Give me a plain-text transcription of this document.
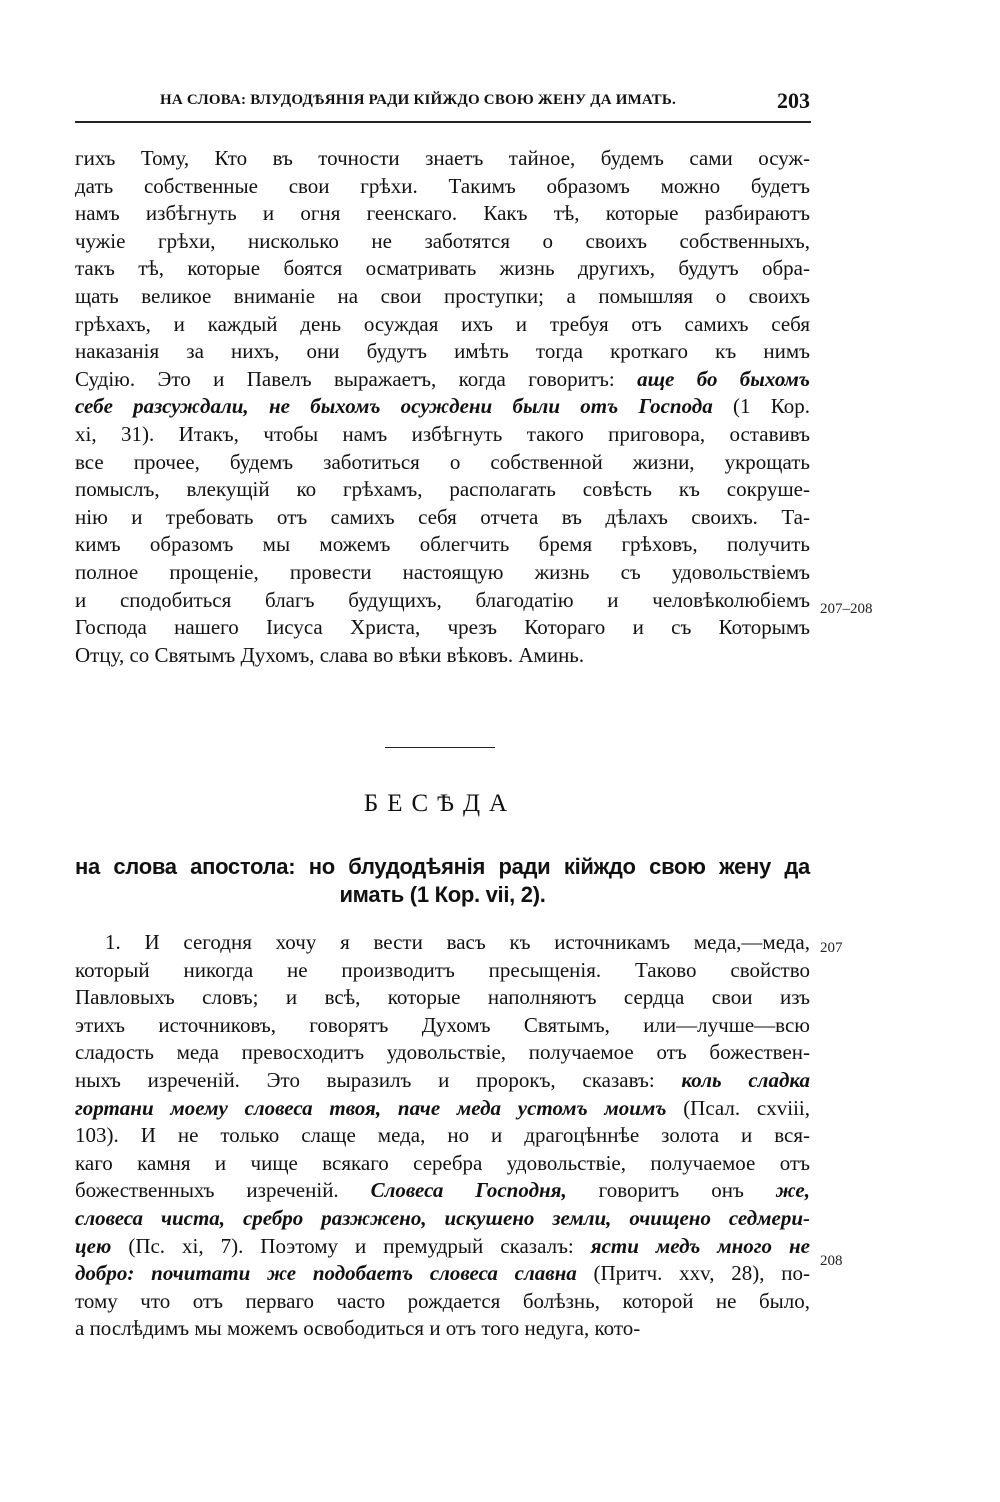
НА СЛОВА: ВЛУДОДѢЯНІЯ РАДИ КІЙЖДО СВОЮ ЖЕНУ ДА ИМАТЬ.	203
гихъ Тому, Кто въ точности знаетъ тайное, будемъ сами осуж-
дать собственные свои грѣхи. Такимъ образомъ можно будетъ
намъ избѣгнуть и огня геенскаго. Какъ тѣ, которые разбираютъ
чужіе грѣхи, нисколько не заботятся о своихъ собственныхъ,
такъ тѣ, которые боятся осматривать жизнь другихъ, будутъ обра-
щать великое вниманіе на свои проступки; а помышляя о своихъ
грѣхахъ, и каждый день осуждая ихъ и требуя отъ самихъ себя
наказанія за нихъ, они будутъ имѣть тогда кроткаго къ нимъ
Судію. Это и Павелъ выражаетъ, когда говоритъ: аще бо быхомъ
себе разсуждали, не быхомъ осуждени были отъ Господа (1 Кор.
xi, 31). Итакъ, чтобы намъ избѣгнуть такого приговора, оставивъ
все прочее, будемъ заботиться о собственной жизни, укрощать
помыслъ, влекущій ко грѣхамъ, располагать совѣсть къ сокруше-
нію и требовать отъ самихъ себя отчета въ дѣлахъ своихъ. Та-
кимъ образомъ мы можемъ облегчить бремя грѣховъ, получить
полное прощеніе, провести настоящую жизнь съ удовольствіемъ
и сподобиться благъ будущихъ, благодатію и человѣколюбіемъ
Господа нашего Іисуса Христа, чрезъ Котораго и съ Которымъ
Отцу, со Святымъ Духомъ, слава во вѣки вѣковъ. Аминь.
207–208
БЕСѢДА
на слова апостола: но блудодѣянія ради кійждо свою жену да
имать (1 Кор. vii, 2).
1. И сегодня хочу я вести васъ къ источникамъ меда,—меда,
который никогда не производитъ пресыщенія. Таково свойство
Павловыхъ словъ; и всѣ, которые наполняютъ сердца свои изъ
этихъ источниковъ, говорятъ Духомъ Святымъ, или—лучше—всю
сладость меда превосходитъ удовольствіе, получаемое отъ божествен-
ныхъ изреченій. Это выразилъ и пророкъ, сказавъ: коль сладка
гортани моему словеса твоя, паче меда устомъ моимъ (Псал. cxviii,
103). И не только слаще меда, но и драгоцѣннѣе золота и вся-
каго камня и чище всякаго серебра удовольствіе, получаемое отъ
божественныхъ изреченій. Словеса Господня, говоритъ онъ же,
словеса чиста, сребро разжжено, искушено земли, очищено седмери-
цею (Пс. xi, 7). Поэтому и премудрый сказалъ: ясти медъ много не
добро: почитати же подобаетъ словеса славна (Притч. xxv, 28), по-
тому что отъ перваго часто рождается болѣзнь, которой не было,
а послѣдимъ мы можемъ освободиться и отъ того недуга, кото-
207
208
